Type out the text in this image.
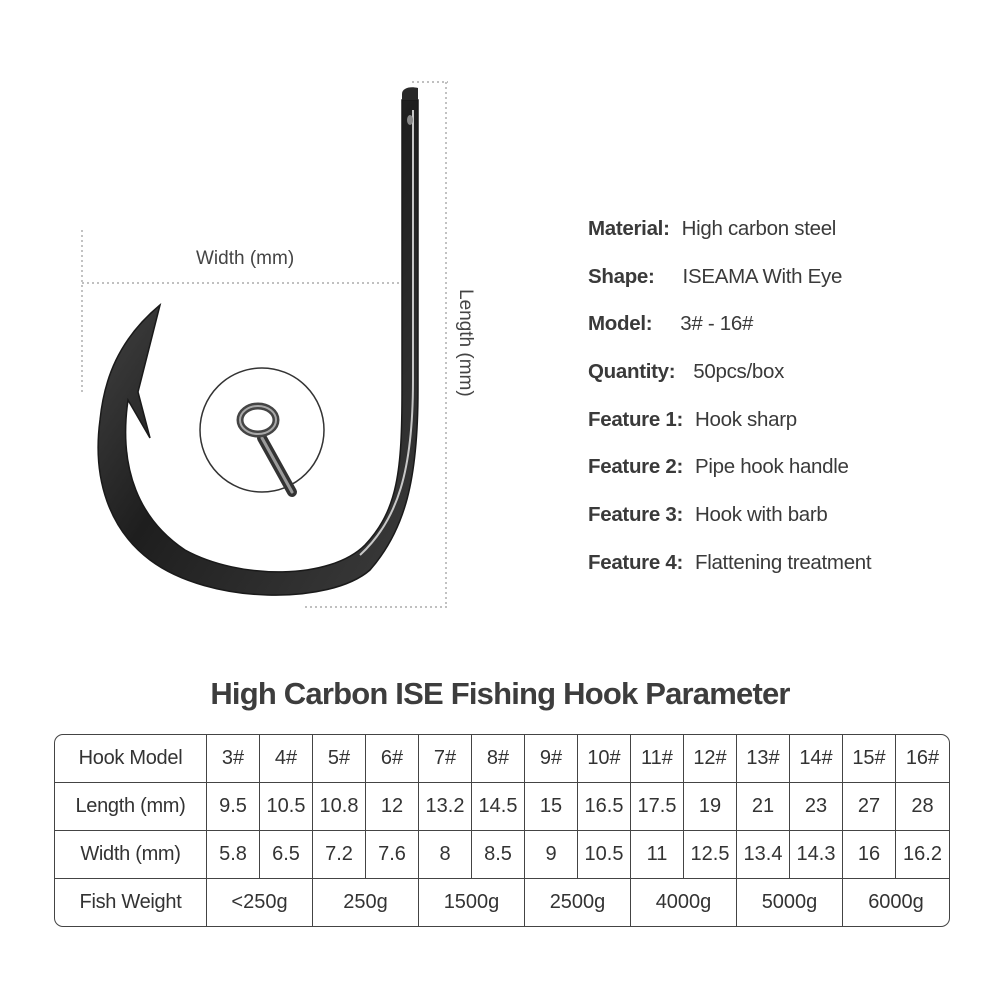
Width (mm)
Length (mm)
Material: High carbon steel
Shape: ISEAMA With Eye
Model: 3# - 16#
Quantity: 50pcs/box
Feature 1: Hook sharp
Feature 2: Pipe hook handle
Feature 3: Hook with barb
Feature 4: Flattening treatment
High Carbon ISE Fishing Hook Parameter
Hook Model	3#	4#	5#	6#	7#	8#	9#	10#	11#	12#	13#	14#	15#	16#
Length (mm)	9.5	10.5	10.8	12	13.2	14.5	15	16.5	17.5	19	21	23	27	28
Width (mm)	5.8	6.5	7.2	7.6	8	8.5	9	10.5	11	12.5	13.4	14.3	16	16.2
Fish Weight	<250g		250g		1500g		2500g		4000g		5000g		6000g	
